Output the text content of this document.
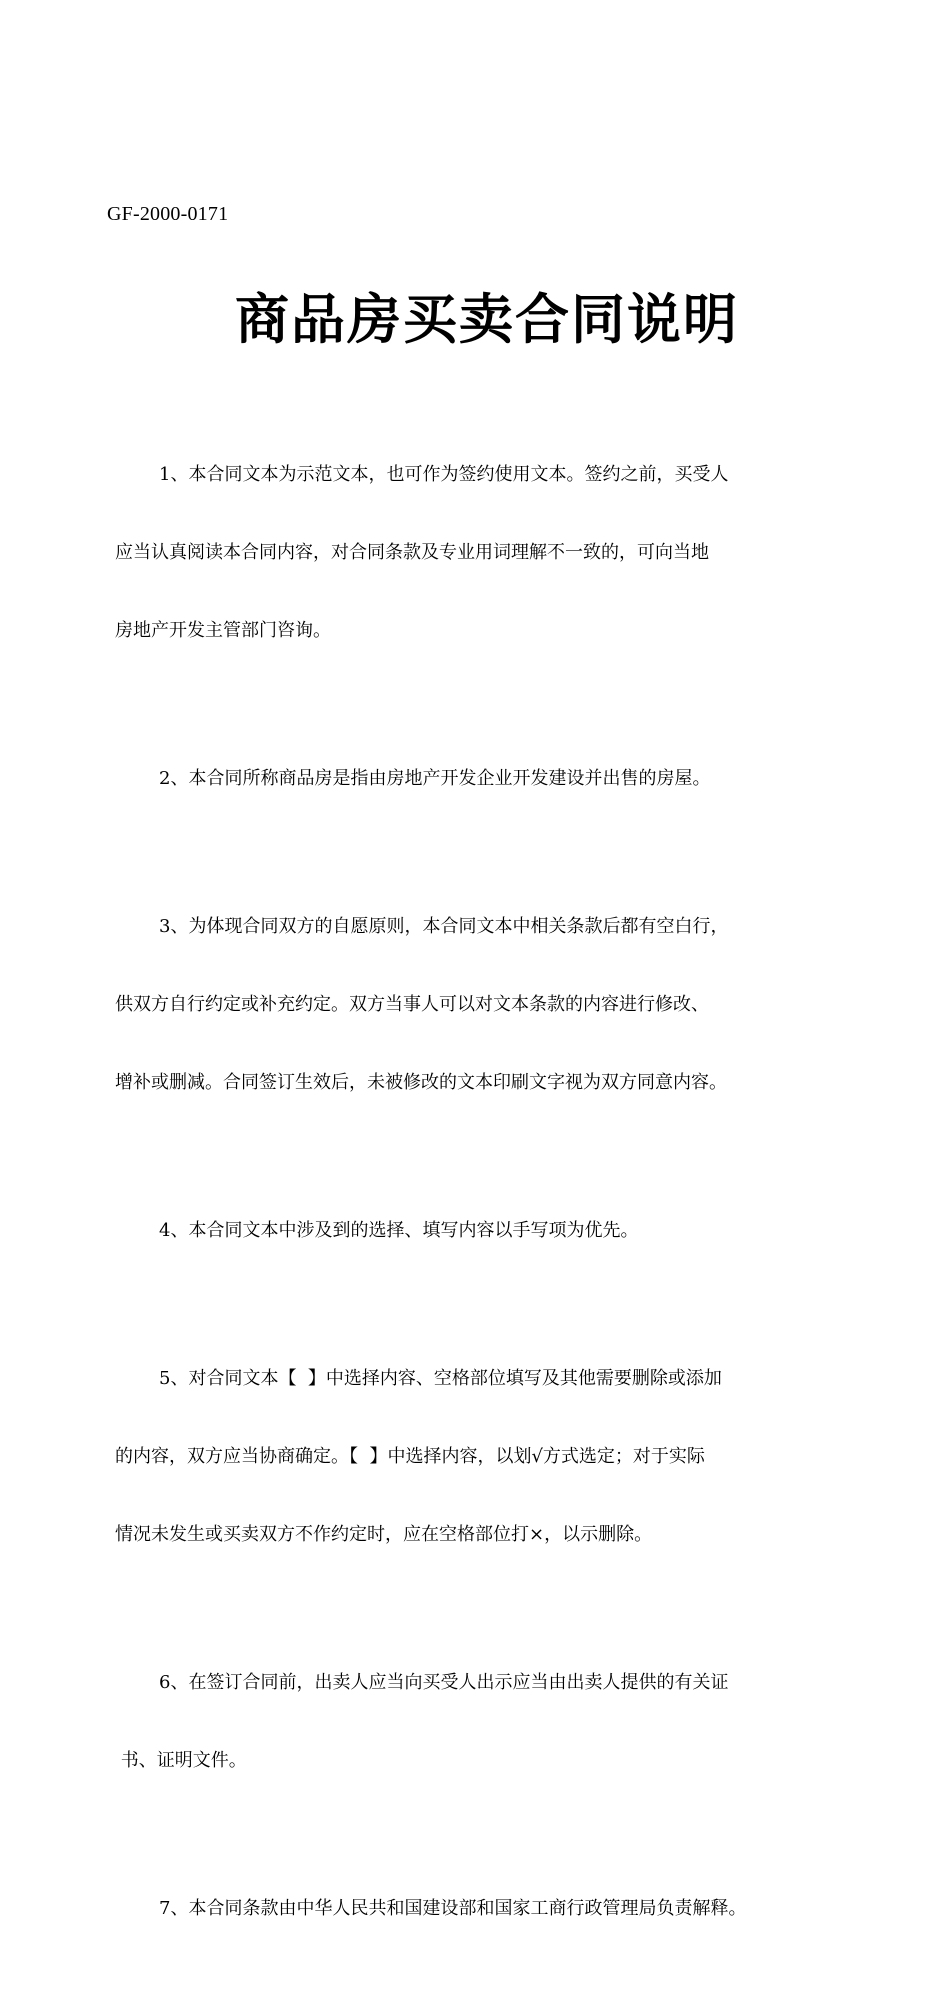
GF-2000-0171
商品房买卖合同说明

1、本合同文本为示范文本，也可作为签约使用文本。签约之前，买受人

应当认真阅读本合同内容，对合同条款及专业用词理解不一致的，可向当地

房地产开发主管部门咨询。

2、本合同所称商品房是指由房地产开发企业开发建设并出售的房屋。

3、为体现合同双方的自愿原则，本合同文本中相关条款后都有空白行，

供双方自行约定或补充约定。双方当事人可以对文本条款的内容进行修改、

增补或删减。合同签订生效后，未被修改的文本印刷文字视为双方同意内容。

4、本合同文本中涉及到的选择、填写内容以手写项为优先。

5、对合同文本【  】中选择内容、空格部位填写及其他需要删除或添加

的内容，双方应当协商确定。【  】中选择内容，以划√方式选定；对于实际

情况未发生或买卖双方不作约定时，应在空格部位打×，以示删除。

6、在签订合同前，出卖人应当向买受人出示应当由出卖人提供的有关证

书、证明文件。

7、本合同条款由中华人民共和国建设部和国家工商行政管理局负责解释。
